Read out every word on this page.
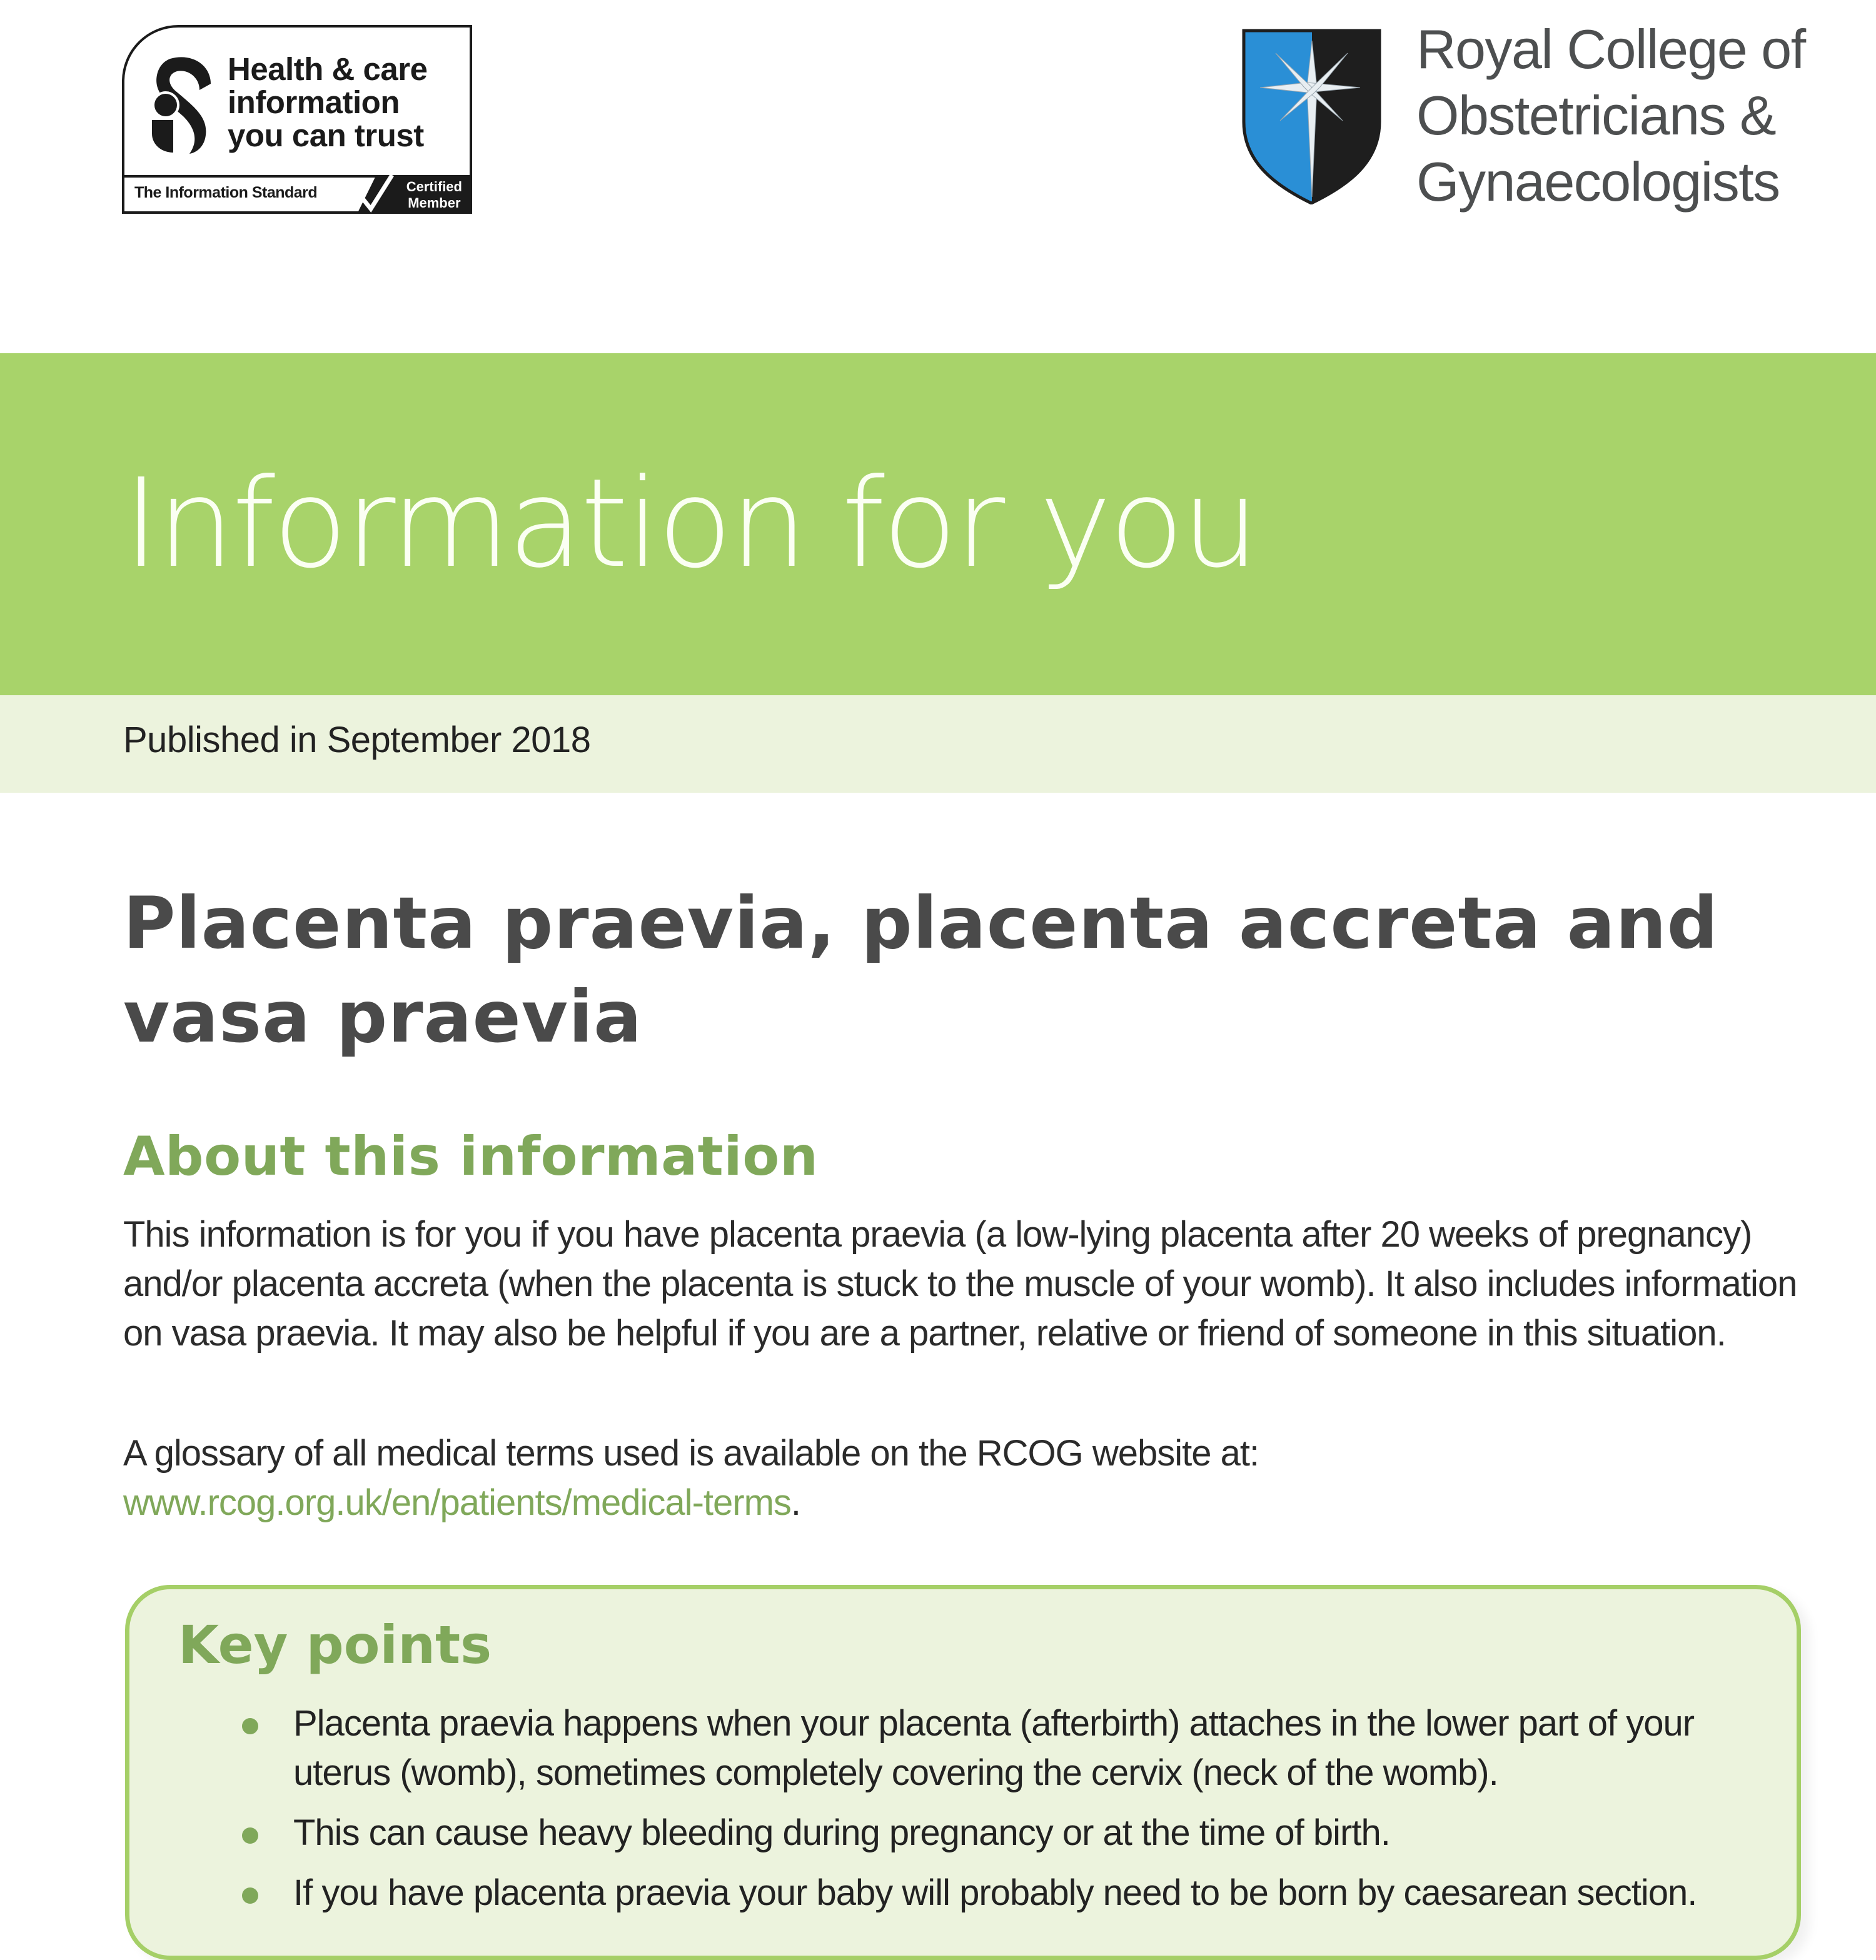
Health & care
information
you can trust
The Information Standard	Certified
Member
Royal College of
Obstetricians &
Gynaecologists
Information for you
Published in September 2018
Placenta praevia, placenta accreta and vasa praevia
About this information

This information is for you if you have placenta praevia (a low-lying placenta after 20 weeks of pregnancy) and/or placenta accreta (when the placenta is stuck to the muscle of your womb). It also includes information on vasa praevia. It may also be helpful if you are a partner, relative or friend of someone in this situation.

A glossary of all medical terms used is available on the RCOG website at: www.rcog.org.uk/en/patients/medical-terms.

Key points
Placenta praevia happens when your placenta (afterbirth) attaches in the lower part of your uterus (womb), sometimes completely covering the cervix (neck of the womb).
This can cause heavy bleeding during pregnancy or at the time of birth.
If you have placenta praevia your baby will probably need to be born by caesarean section.
